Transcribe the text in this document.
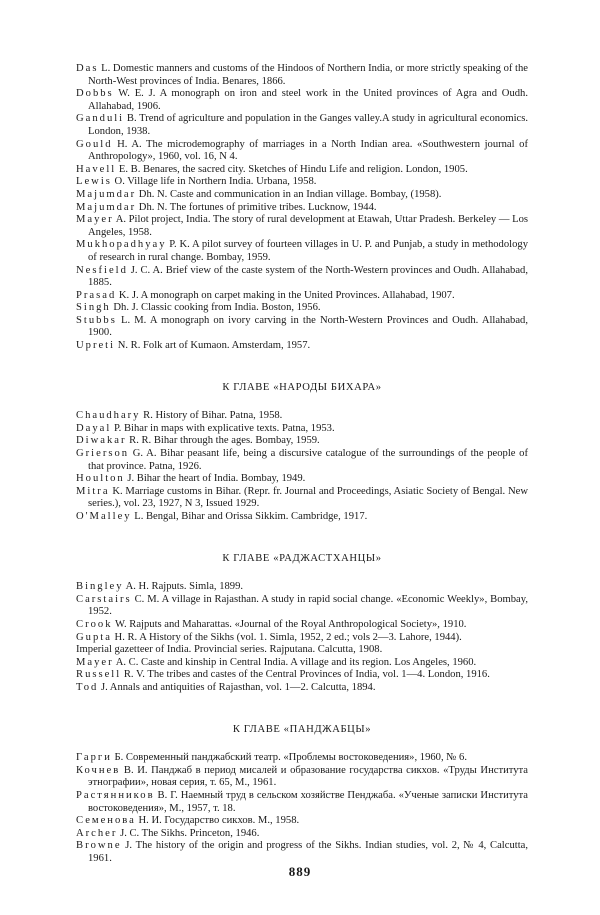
Das L. Domestic manners and customs of the Hindoos of Northern India, or more strictly speaking of the North-West provinces of India. Benares, 1866.

Dobbs W. E. J. A monograph on iron and steel work in the United provinces of Agra and Oudh. Allahabad, 1906.

Ganduli B. Trend of agriculture and population in the Ganges valley.A study in agricultural economics. London, 1938.

Gould H. A. The microdemography of marriages in a North Indian area. «Southwestern journal of Anthropology», 1960, vol. 16, N 4.

Havell E. B. Benares, the sacred city. Sketches of Hindu Life and religion. London, 1905.

Lewis O. Village life in Northern India. Urbana, 1958.

Majumdar Dh. N. Caste and communication in an Indian village. Bombay, (1958).

Majumdar Dh. N. The fortunes of primitive tribes. Lucknow, 1944.

Mayer A. Pilot project, India. The story of rural development at Etawah, Uttar Pradesh. Berkeley — Los Angeles, 1958.

Mukhopadhyay P. K. A pilot survey of fourteen villages in U. P. and Punjab, a study in methodology of research in rural change. Bombay, 1959.

Nesfield J. C. A. Brief view of the caste system of the North-Western provinces and Oudh. Allahabad, 1885.

Prasad K. J. A monograph on carpet making in the United Provinces. Allahabad, 1907.

Singh Dh. J. Classic cooking from India. Boston, 1956.

Stubbs L. M. A monograph on ivory carving in the North-Western Provinces and Oudh. Allahabad, 1900.

Upreti N. R. Folk art of Kumaon. Amsterdam, 1957.

К ГЛАВЕ «НАРОДЫ БИХАРА»

Chaudhary R. History of Bihar. Patna, 1958.

Dayal P. Bihar in maps with explicative texts. Patna, 1953.

Diwakar R. R. Bihar through the ages. Bombay, 1959.

Grierson G. A. Bihar peasant life, being a discursive catalogue of the surroundings of the people of that province. Patna, 1926.

Houlton J. Bihar the heart of India. Bombay, 1949.

Mitra K. Marriage customs in Bihar. (Repr. fr. Journal and Proceedings, Asiatic Society of Bengal. New series.), vol. 23, 1927, N 3, Issued 1929.

O'Malley L. Bengal, Bihar and Orissa Sikkim. Cambridge, 1917.

К ГЛАВЕ «РАДЖАСТХАНЦЫ»

Bingley A. H. Rajputs. Simla, 1899.

Carstairs C. M. A village in Rajasthan. A study in rapid social change. «Economic Weekly», Bombay, 1952.

Crook W. Rajputs and Maharattas. «Journal of the Royal Anthropological Society», 1910.

Gupta H. R. A History of the Sikhs (vol. 1. Simla, 1952, 2 ed.; vols 2—3. Lahore, 1944).

Imperial gazetteer of India. Provincial series. Rajputana. Calcutta, 1908.

Mayer A. C. Caste and kinship in Central India. A village and its region. Los Angeles, 1960.

Russell R. V. The tribes and castes of the Central Provinces of India, vol. 1—4. London, 1916.

Tod J. Annals and antiquities of Rajasthan, vol. 1—2. Calcutta, 1894.

К ГЛАВЕ «ПАНДЖАБЦЫ»

Гарги Б. Современный панджабский театр. «Проблемы востоковедения», 1960, № 6.

Кочнев В. И. Панджаб в период мисалей и образование государства сикхов. «Труды Института этнографии», новая серия, т. 65, М., 1961.

Растянников В. Г. Наемный труд в сельском хозяйстве Пенджаба. «Ученые записки Института востоковедения», М., 1957, т. 18.

Семенова Н. И. Государство сикхов. М., 1958.

Archer J. C. The Sikhs. Princeton, 1946.

Browne J. The history of the origin and progress of the Sikhs. Indian studies, vol. 2, № 4, Calcutta, 1961.

889
